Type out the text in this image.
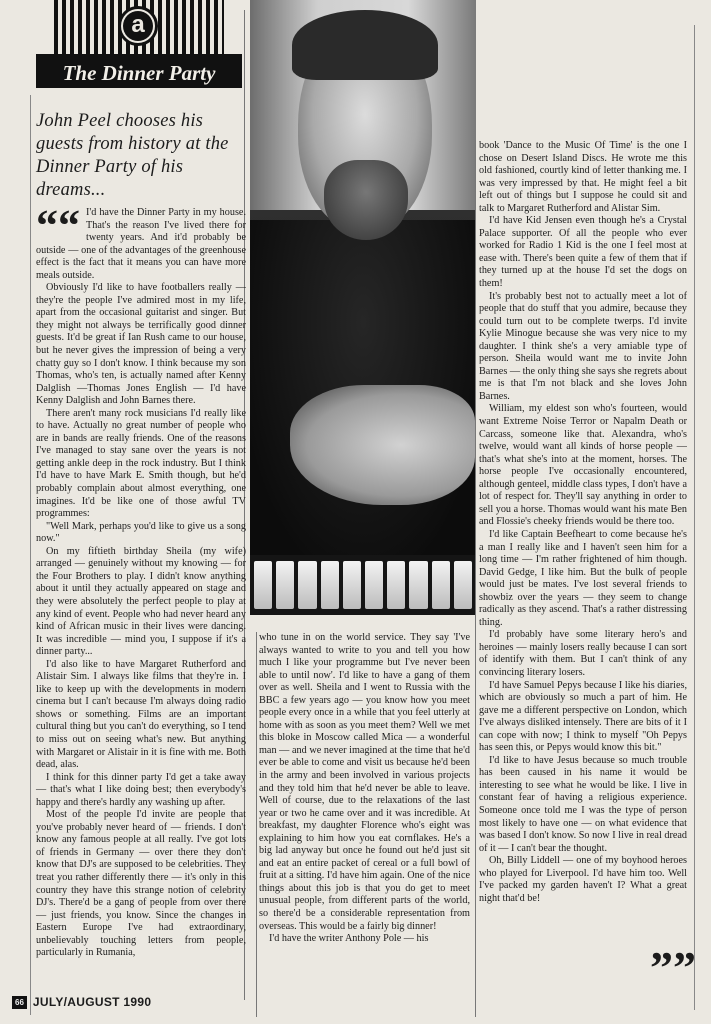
a
The Dinner Party
John Peel chooses his guests from history at the Dinner Party of his dreams...
““ I'd have the Dinner Party in my house. That's the reason I've lived there for twenty years. And it'd probably be outside — one of the advantages of the greenhouse effect is the fact that it means you can have more meals outside.

Obviously I'd like to have footballers really — they're the people I've admired most in my life, apart from the occasional guitarist and singer. But they might not always be terrifically good dinner guests. It'd be great if Ian Rush came to our house, but he never gives the impression of being a very chatty guy so I don't know. I think because my son Thomas, who's ten, is actually named after Kenny Dalglish —Thomas Jones English — I'd have Kenny Dalglish and John Barnes there.

There aren't many rock musicians I'd really like to have. Actually no great number of people who are in bands are really friends. One of the reasons I've managed to stay sane over the years is not getting ankle deep in the rock industry. But I think I'd have to have Mark E. Smith though, but he'd probably complain about almost everything, one imagines. It'd be like one of those awful TV programmes:

"Well Mark, perhaps you'd like to give us a song now."

On my fiftieth birthday Sheila (my wife) arranged — genuinely without my knowing — for the Four Brothers to play. I didn't know anything about it until they actually appeared on stage and they were absolutely the perfect people to play at any kind of event. People who had never heard any kind of African music in their lives were dancing. It was incredible — mind you, I suppose if it's a dinner party...

I'd also like to have Margaret Rutherford and Alistair Sim. I always like films that they're in. I like to keep up with the developments in modern cinema but I can't because I'm always doing radio shows or something. Films are an important cultural thing but you can't do everything, so I tend to miss out on seeing what's new. But anything with Margaret or Alistair in it is fine with me. Both dead, alas.

I think for this dinner party I'd get a take away — that's what I like doing best; then everybody's happy and there's hardly any washing up after.

Most of the people I'd invite are people that you've probably never heard of — friends. I don't know any famous people at all really. I've got lots of friends in Germany — over there they don't know that DJ's are supposed to be celebrities. They treat you rather differently there — it's only in this country they have this strange notion of celebrity DJ's. There'd be a gang of people from over there — just friends, you know. Since the changes in Eastern Europe I've had extraordinary, unbelievably touching letters from people, particularly in Rumania,

who tune in on the world service. They say 'I've always wanted to write to you and tell you how much I like your programme but I've never been able to until now'. I'd like to have a gang of them over as well. Sheila and I went to Russia with the BBC a few years ago — you know how you meet people every once in a while that you feel utterly at home with as soon as you meet them? Well we met this bloke in Moscow called Mica — a wonderful man — and we never imagined at the time that he'd ever be able to come and visit us because he'd been in the army and been involved in various projects and they told him that he'd never be able to leave. Well of course, due to the relaxations of the last year or two he came over and it was incredible. At breakfast, my daughter Florence who's eight was explaining to him how you eat cornflakes. He's a big lad anyway but once he found out he'd just sit and eat an entire packet of cereal or a full bowl of fruit at a sitting. I'd have him again. One of the nice things about this job is that you do get to meet unusual people, from different parts of the world, so there'd be a considerable representation from overseas. This would be a fairly big dinner!

I'd have the writer Anthony Pole — his

book 'Dance to the Music Of Time' is the one I chose on Desert Island Discs. He wrote me this old fashioned, courtly kind of letter thanking me. I was very impressed by that. He might feel a bit left out of things but I suppose he could sit and talk to Margaret Rutherford and Alistar Sim.

I'd have Kid Jensen even though he's a Crystal Palace supporter. Of all the people who ever worked for Radio 1 Kid is the one I feel most at ease with. There's been quite a few of them that if they turned up at the house I'd set the dogs on them!

It's probably best not to actually meet a lot of people that do stuff that you admire, because they could turn out to be complete twerps. I'd invite Kylie Minogue because she was very nice to my daughter. I think she's a very amiable type of person. Sheila would want me to invite John Barnes — the only thing she says she regrets about me is that I'm not black and she loves John Barnes.

William, my eldest son who's fourteen, would want Extreme Noise Terror or Napalm Death or Carcass, someone like that. Alexandra, who's twelve, would want all kinds of horse people — that's what she's into at the moment, horses. The horse people I've occasionally encountered, although genteel, middle class types, I don't have a lot of respect for. They'll say anything in order to sell you a horse. Thomas would want his mate Ben and Flossie's cheeky friends would be there too.

I'd like Captain Beefheart to come because he's a man I really like and I haven't seen him for a long time — I'm rather frightened of him though. David Gedge, I like him. But the bulk of people would just be mates. I've lost several friends to showbiz over the years — they seem to change radically as they ascend. That's a rather distressing thing.

I'd probably have some literary hero's and heroines — mainly losers really because I can sort of identify with them. But I can't think of any convincing literary losers.

I'd have Samuel Pepys because I like his diaries, which are obviously so much a part of him. He gave me a different perspective on London, which I've always disliked intensely. There are bits of it I can cope with now; I think to myself "Oh Pepys has seen this, or Pepys would know this bit."

I'd like to have Jesus because so much trouble has been caused in his name it would be interesting to see what he would be like. I live in constant fear of having a religious experience. Someone once told me I was the type of person most likely to have one — on what evidence that was based I don't know. So now I live in real dread of it — I can't bear the thought.

Oh, Billy Liddell — one of my boyhood heroes who played for Liverpool. I'd have him too. Well I've packed my garden haven't I? What a great night that'd be!

””
66 JULY/AUGUST 1990
